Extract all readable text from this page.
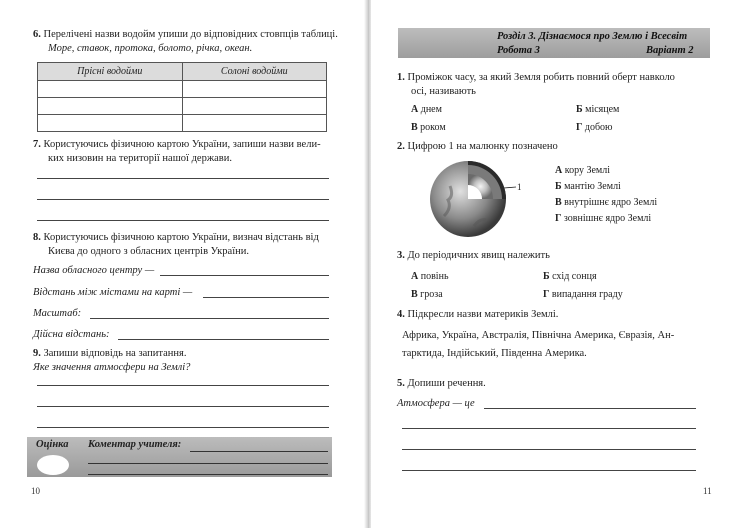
6. Перелічені назви водойм упиши до відповідних стовпців таблиці.
Море, ставок, протока, болото, річка, океан.
Прісні водойми	Солоні водойми

7. Користуючись фізичною картою України, запиши назви вели-
ких низовин на території нашої держави.
8. Користуючись фізичною картою України, визнач відстань від
Києва до одного з обласних центрів України.
Назва обласного центру —
Відстань між містами на карті —
Масштаб:
Дійсна відстань:
9. Запиши відповідь на запитання.
Яке значення атмосфери на Землі?
Оцінка Коментар учителя:
10
Розділ 3. Дізнаємося про Землю і Всесвіт
Робота 3	Варіант 2
1. Проміжок часу, за який Земля робить повний оберт навколо
осі, називають
А днем	Б місяцем
В роком	Г добою
2. Цифрою 1 на малюнку позначено
1
А кору Землі
Б мантію Землі
В внутрішнє ядро Землі
Г зовнішнє ядро Землі
3. До періодичних явищ належить
А повінь	Б схід сонця
В гроза	Г випадання граду
4. Підкресли назви материків Землі.
Африка, Україна, Австралія, Північна Америка, Євразія, Ан-
тарктида, Індійський, Південна Америка.
5. Допиши речення.
Атмосфера — це
11
